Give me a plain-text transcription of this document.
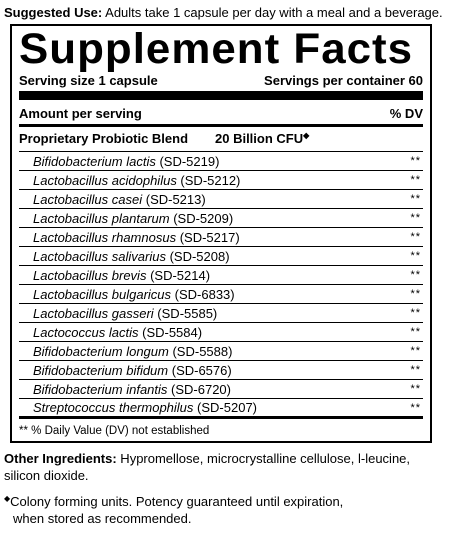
Suggested Use: Adults take 1 capsule per day with a meal and a beverage.
Supplement Facts
Serving size 1 capsule	Servings per container 60
Amount per serving	% DV
Proprietary Probiotic Blend 20 Billion CFU◆
Bifidobacterium lactis (SD-5219)	**
Lactobacillus acidophilus (SD-5212)	**
Lactobacillus casei (SD-5213)	**
Lactobacillus plantarum (SD-5209)	**
Lactobacillus rhamnosus (SD-5217)	**
Lactobacillus salivarius (SD-5208)	**
Lactobacillus brevis (SD-5214)	**
Lactobacillus bulgaricus (SD-6833)	**
Lactobacillus gasseri (SD-5585)	**
Lactococcus lactis (SD-5584)	**
Bifidobacterium longum (SD-5588)	**
Bifidobacterium bifidum (SD-6576)	**
Bifidobacterium infantis (SD-6720)	**
Streptococcus thermophilus (SD-5207)	**
** % Daily Value (DV) not established
Other Ingredients: Hypromellose, microcrystalline cellulose, l-leucine, silicon dioxide.
◆Colony forming units. Potency guaranteed until expiration,
when stored as recommended.
